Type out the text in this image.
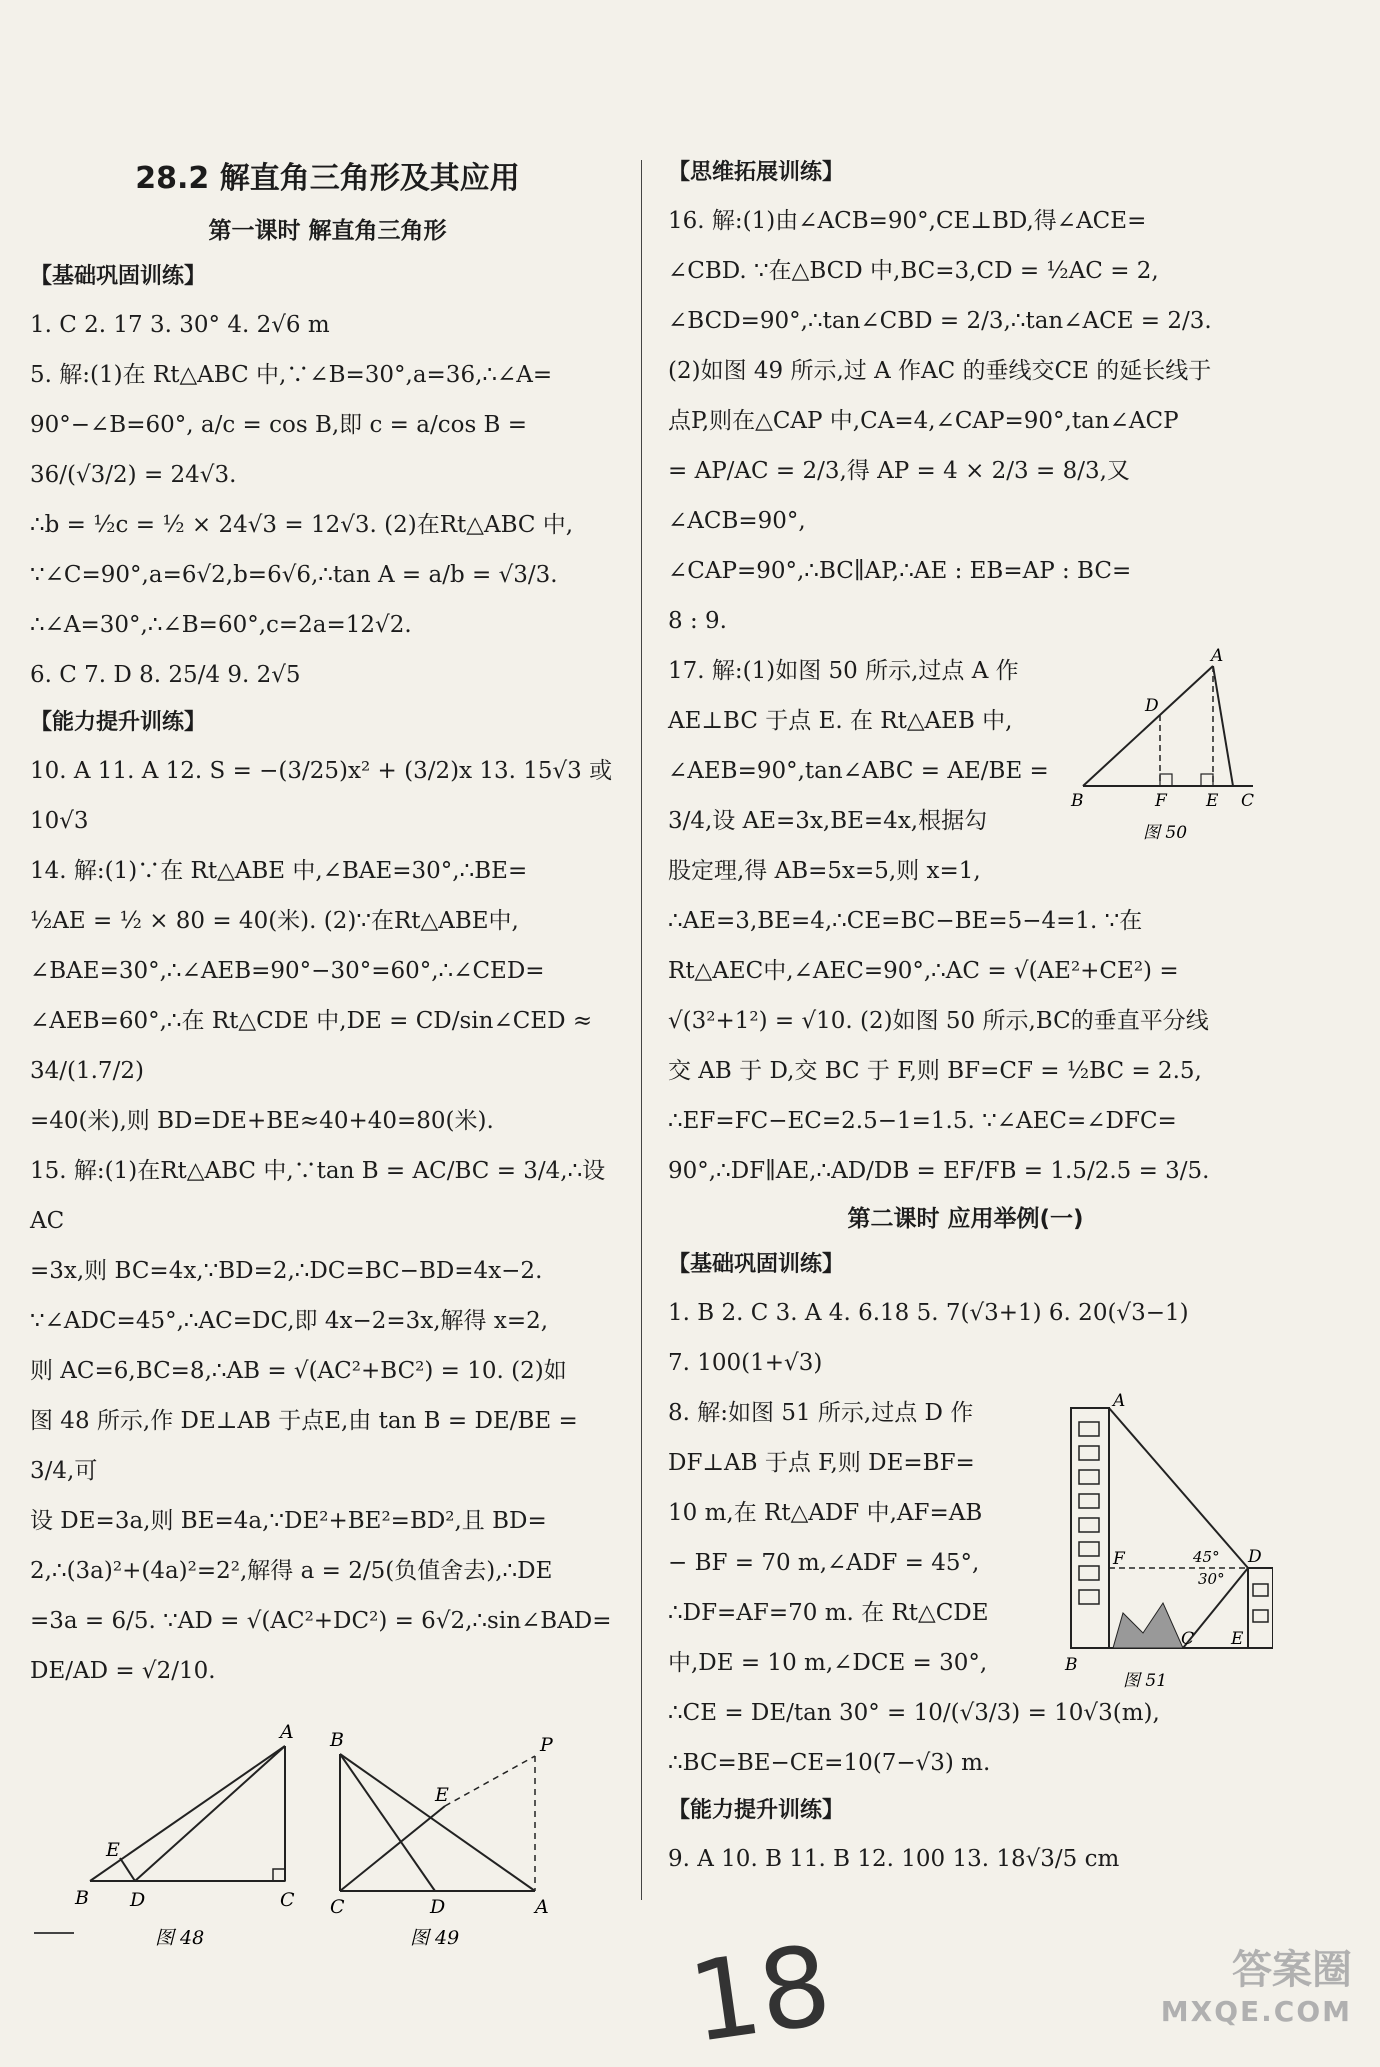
28.2 解直角三角形及其应用
第一课时 解直角三角形
【基础巩固训练】

1. C 2. 17 3. 30° 4. 2√6 m

5. 解:(1)在 Rt△ABC 中,∵∠B=30°,a=36,∴∠A=

90°−∠B=60°, a/c = cos B,即 c = a/cos B = 36/(√3/2) = 24√3.

∴b = ½c = ½ × 24√3 = 12√3. (2)在Rt△ABC 中,

∵∠C=90°,a=6√2,b=6√6,∴tan A = a/b = √3/3.

∴∠A=30°,∴∠B=60°,c=2a=12√2.

6. C 7. D 8. 25/4 9. 2√5

【能力提升训练】

10. A 11. A 12. S = −(3/25)x² + (3/2)x 13. 15√3 或

10√3

14. 解:(1)∵在 Rt△ABE 中,∠BAE=30°,∴BE=

½AE = ½ × 80 = 40(米). (2)∵在Rt△ABE中,

∠BAE=30°,∴∠AEB=90°−30°=60°,∴∠CED=

∠AEB=60°,∴在 Rt△CDE 中,DE = CD/sin∠CED ≈ 34/(1.7/2)

=40(米),则 BD=DE+BE≈40+40=80(米).

15. 解:(1)在Rt△ABC 中,∵tan B = AC/BC = 3/4,∴设AC

=3x,则 BC=4x,∵BD=2,∴DC=BC−BD=4x−2.

∵∠ADC=45°,∴AC=DC,即 4x−2=3x,解得 x=2,

则 AC=6,BC=8,∴AB = √(AC²+BC²) = 10. (2)如

图 48 所示,作 DE⊥AB 于点E,由 tan B = DE/BE = 3/4,可

设 DE=3a,则 BE=4a,∵DE²+BE²=BD²,且 BD=

2,∴(3a)²+(4a)²=2²,解得 a = 2/5(负值舍去),∴DE

=3a = 6/5. ∵AD = √(AC²+DC²) = 6√2,∴sin∠BAD=

DE/AD = √2/10.

A
B	C
D
E
图 48
A
B
C	D
E
P
图 49
【思维拓展训练】

16. 解:(1)由∠ACB=90°,CE⊥BD,得∠ACE=

∠CBD. ∵在△BCD 中,BC=3,CD = ½AC = 2,

∠BCD=90°,∴tan∠CBD = 2/3,∴tan∠ACE = 2/3.

(2)如图 49 所示,过 A 作AC 的垂线交CE 的延长线于

点P,则在△CAP 中,CA=4,∠CAP=90°,tan∠ACP

= AP/AC = 2/3,得 AP = 4 × 2/3 = 8/3,又∠ACB=90°,

∠CAP=90°,∴BC∥AP,∴AE : EB=AP : BC=

8 : 9.

A
B	C
D
E
F
图 50

17. 解:(1)如图 50 所示,过点 A 作

AE⊥BC 于点 E. 在 Rt△AEB 中,

∠AEB=90°,tan∠ABC = AE/BE =

3/4,设 AE=3x,BE=4x,根据勾

股定理,得 AB=5x=5,则 x=1,

∴AE=3,BE=4,∴CE=BC−BE=5−4=1. ∵在

Rt△AEC中,∠AEC=90°,∴AC = √(AE²+CE²) =

√(3²+1²) = √10. (2)如图 50 所示,BC的垂直平分线

交 AB 于 D,交 BC 于 F,则 BF=CF = ½BC = 2.5,

∴EF=FC−EC=2.5−1=1.5. ∵∠AEC=∠DFC=

90°,∴DF∥AE,∴AD/DB = EF/FB = 1.5/2.5 = 3/5.

第二课时 应用举例(一)
【基础巩固训练】

1. B 2. C 3. A 4. 6.18 5. 7(√3+1) 6. 20(√3−1)

7. 100(1+√3)

A
B
C
D
E
F	45°
30°
图 51

8. 解:如图 51 所示,过点 D 作

DF⊥AB 于点 F,则 DE=BF=

10 m,在 Rt△ADF 中,AF=AB

− BF = 70 m,∠ADF = 45°,

∴DF=AF=70 m. 在 Rt△CDE

中,DE = 10 m,∠DCE = 30°,

∴CE = DE/tan 30° = 10/(√3/3) = 10√3(m),

∴BC=BE−CE=10(7−√3) m.

【能力提升训练】

9. A 10. B 11. B 12. 100 13. 18√3/5 cm

18	答案圈
MXQE.COM
